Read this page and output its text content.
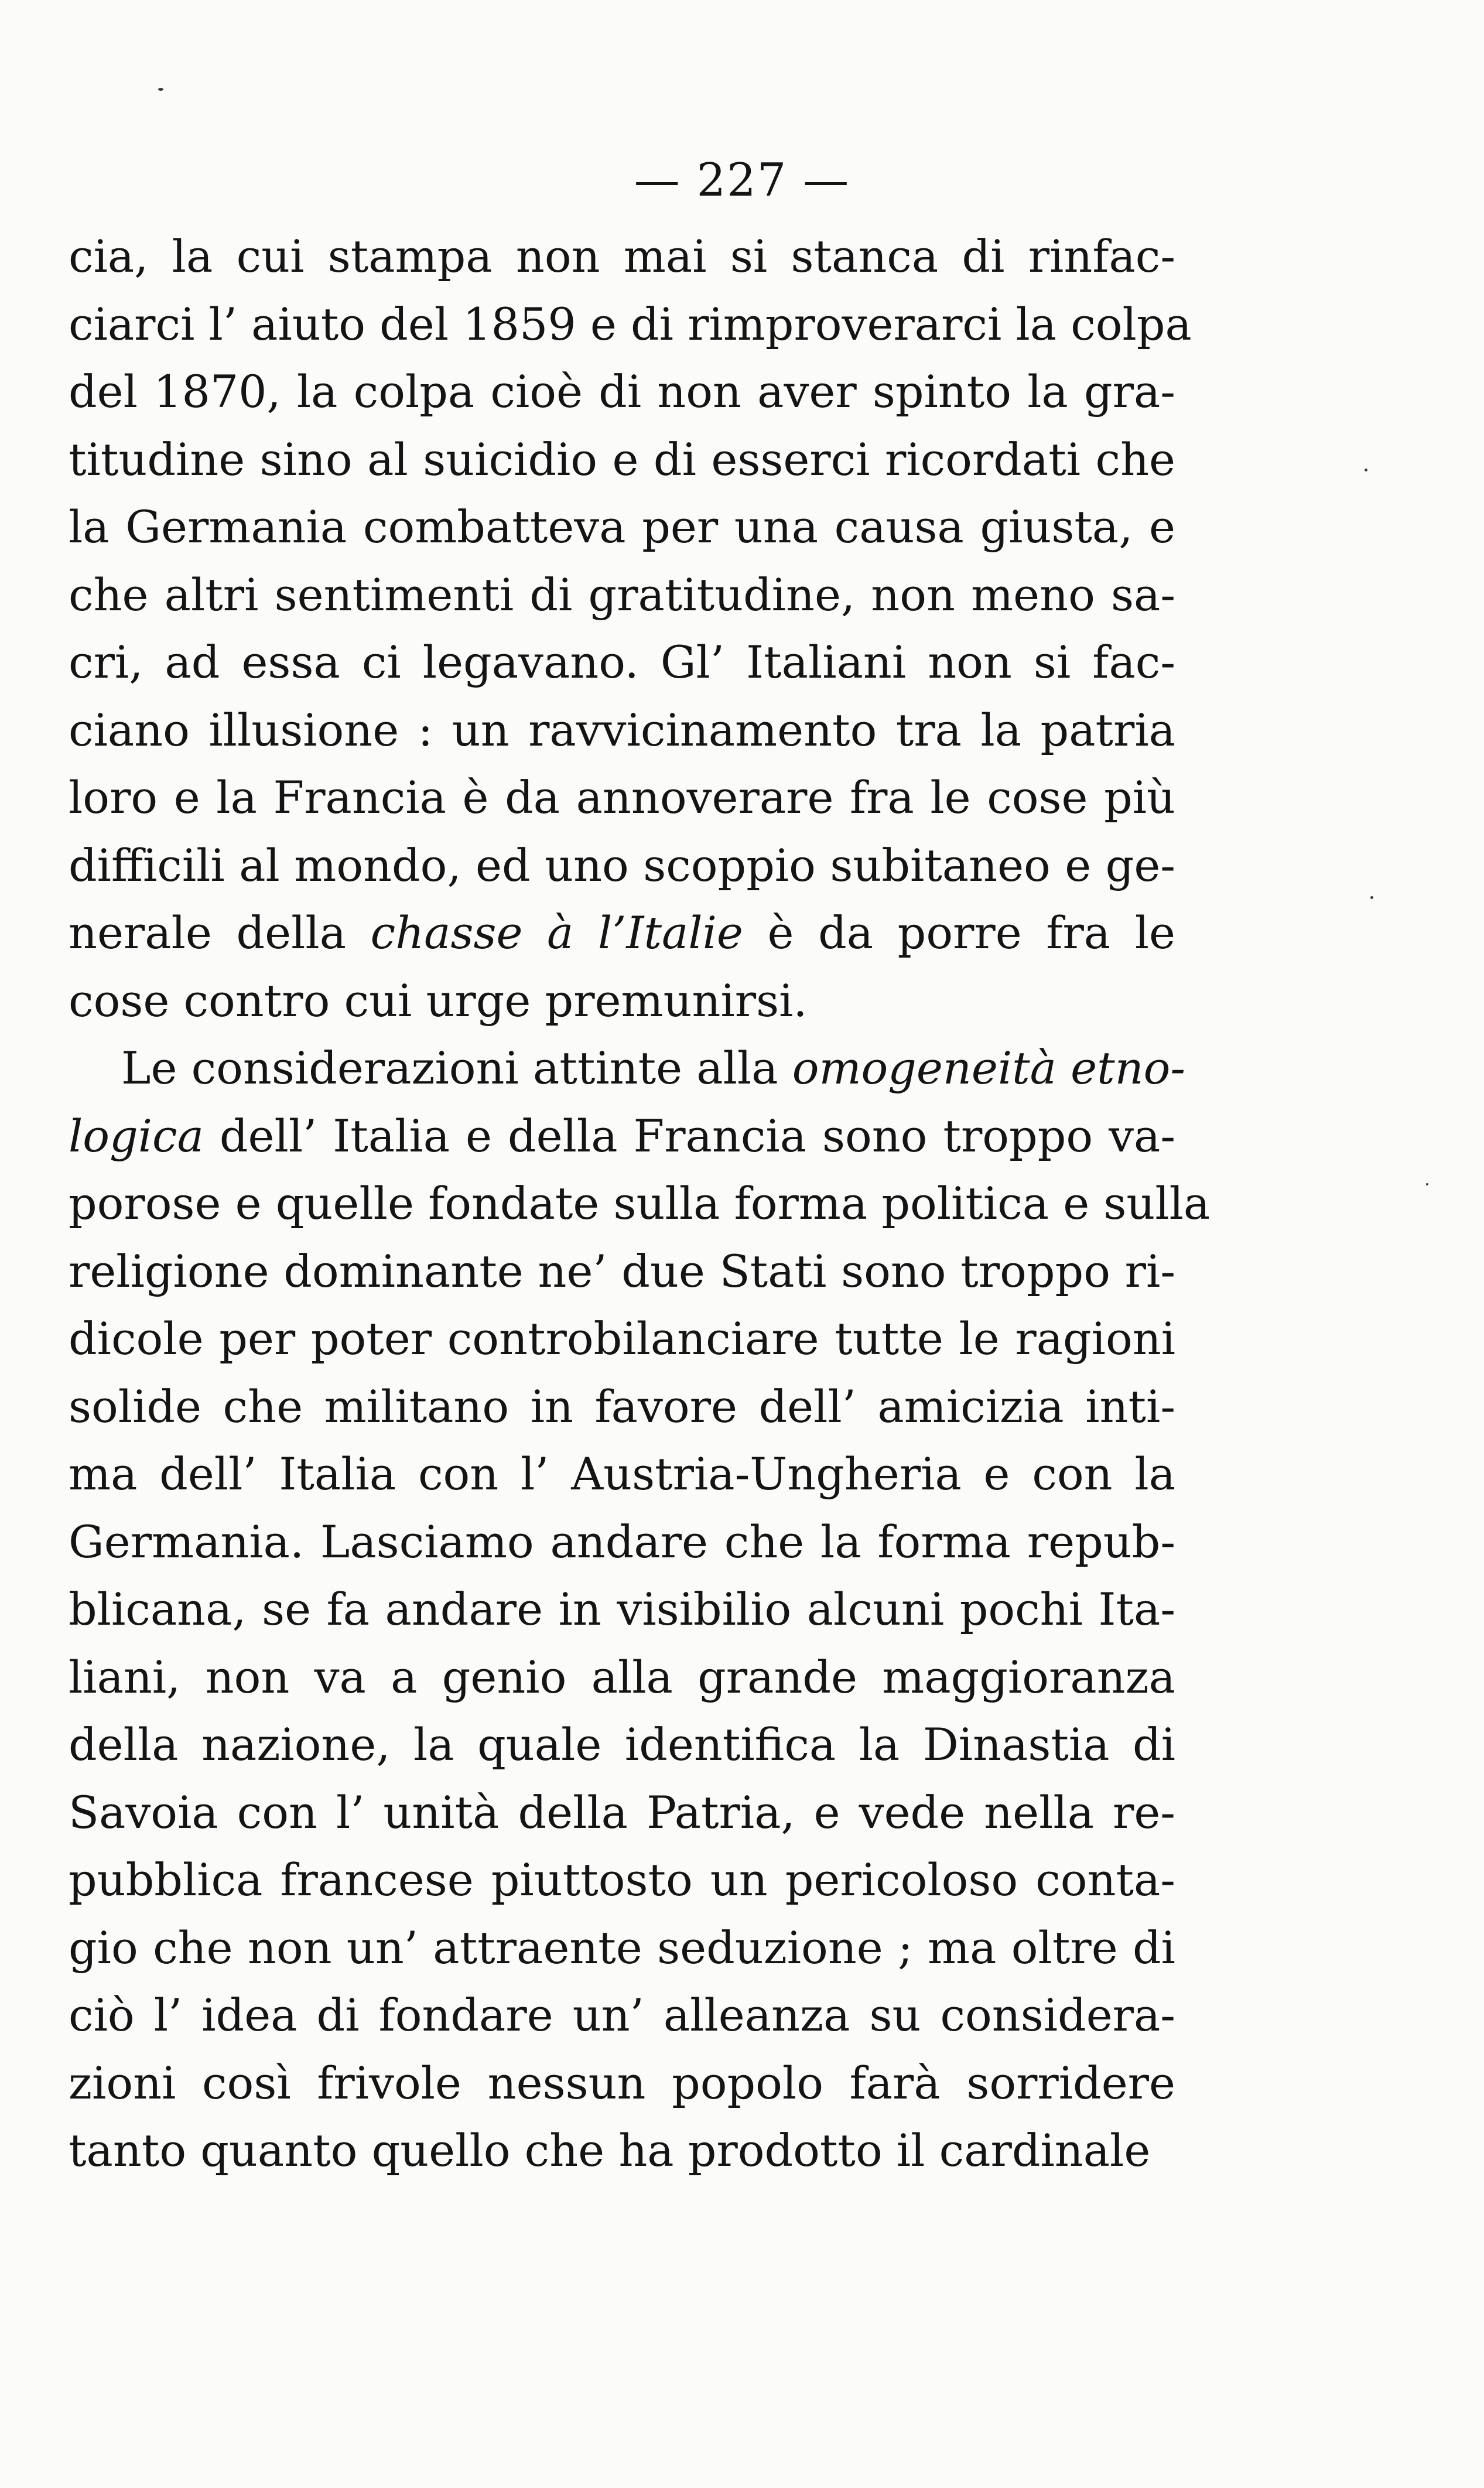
— 227 —
cia, la cui stampa non mai si stanca di rinfac-
ciarci l’ aiuto del 1859 e di rimproverarci la colpa
del 1870, la colpa cioè di non aver spinto la gra-
titudine sino al suicidio e di esserci ricordati che
la Germania combatteva per una causa giusta, e
che altri sentimenti di gratitudine, non meno sa-
cri, ad essa ci legavano. Gl’ Italiani non si fac-
ciano illusione : un ravvicinamento tra la patria
loro e la Francia è da annoverare fra le cose più
difficili al mondo, ed uno scoppio subitaneo e ge-
nerale della chasse à l’Italie è da porre fra le
cose contro cui urge premunirsi.
Le considerazioni attinte alla omogeneità etno-
logica dell’ Italia e della Francia sono troppo va-
porose e quelle fondate sulla forma politica e sulla
religione dominante ne’ due Stati sono troppo ri-
dicole per poter controbilanciare tutte le ragioni
solide che militano in favore dell’ amicizia inti-
ma dell’ Italia con l’ Austria-Ungheria e con la
Germania. Lasciamo andare che la forma repub-
blicana, se fa andare in visibilio alcuni pochi Ita-
liani, non va a genio alla grande maggioranza
della nazione, la quale identifica la Dinastia di
Savoia con l’ unità della Patria, e vede nella re-
pubblica francese piuttosto un pericoloso conta-
gio che non un’ attraente seduzione ; ma oltre di
ciò l’ idea di fondare un’ alleanza su considera-
zioni così frivole nessun popolo farà sorridere
tanto quanto quello che ha prodotto il cardinale
